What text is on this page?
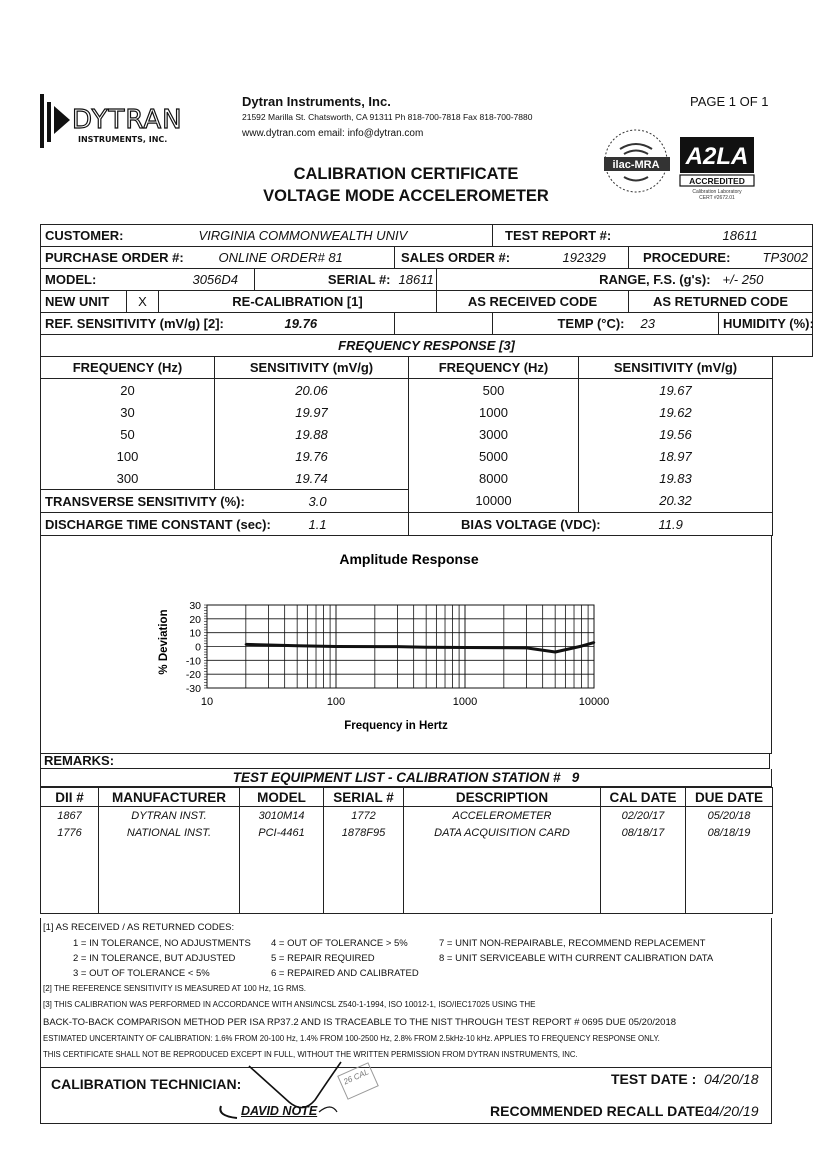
DYTRAN
INSTRUMENTS, INC.
Dytran Instruments, Inc.
21592 Marilla St. Chatsworth, CA 91311 Ph 818-700-7818 Fax 818-700-7880
www.dytran.com email: info@dytran.com
PAGE 1 OF 1
CALIBRATION CERTIFICATE
VOLTAGE MODE ACCELEROMETER
ilac-MRA A2LA
ACCREDITED
Calibration Laboratory
CERT #2672.01
CUSTOMER:		VIRGINIA COMMONWEALTH UNIV					TEST REPORT #:			18611	
PURCHASE ORDER #:			ONLINE ORDER# 81		SALES ORDER #:			192329	PROCEDURE:	TP3002	
MODEL:	3056D4			SERIAL #:	18611	RANGE, F.S. (g's):				+/- 250	
NEW UNIT	X	RE-CALIBRATION [1]				AS RECEIVED CODE			AS RETURNED CODE		
REF. SENSITIVITY (mV/g) [2]:				19.76			TEMP (°C):		23	HUMIDITY (%):	
FREQUENCY RESPONSE [3]											
FREQUENCY (Hz)	SENSITIVITY (mV/g)	FREQUENCY (Hz)	SENSITIVITY (mV/g)
20	20.06	500	19.67
30	19.97	1000	19.62
50	19.88	3000	19.56
100	19.76	5000	18.97
300	19.74	8000	19.83
TRANSVERSE SENSITIVITY (%):	3.0	10000	20.32
DISCHARGE TIME CONSTANT (sec):	1.1	BIAS VOLTAGE (VDC):	11.9
Amplitude Response
% Deviation
Frequency in Hertz
30
20
10
0
-10
-20
-30
10	100	1000	10000
REMARKS:
TEST EQUIPMENT LIST - CALIBRATION STATION # 9
DII #	MANUFACTURER	MODEL	SERIAL #	DESCRIPTION	CAL DATE	DUE DATE
1867	DYTRAN INST.	3010M14	1772	ACCELEROMETER	02/20/17	05/20/18
1776	NATIONAL INST.	PCI-4461	1878F95	DATA ACQUISITION CARD	08/18/17	08/18/19

[1] AS RECEIVED / AS RETURNED CODES:
1 = IN TOLERANCE, NO ADJUSTMENTS
2 = IN TOLERANCE, BUT ADJUSTED
3 = OUT OF TOLERANCE < 5%
4 = OUT OF TOLERANCE > 5%
5 = REPAIR REQUIRED
6 = REPAIRED AND CALIBRATED
7 = UNIT NON-REPAIRABLE, RECOMMEND REPLACEMENT
8 = UNIT SERVICEABLE WITH CURRENT CALIBRATION DATA
[2] THE REFERENCE SENSITIVITY IS MEASURED AT 100 Hz, 1G RMS.
[3] THIS CALIBRATION WAS PERFORMED IN ACCORDANCE WITH ANSI/NCSL Z540-1-1994, ISO 10012-1, ISO/IEC17025 USING THE
BACK-TO-BACK COMPARISON METHOD PER ISA RP37.2 AND IS TRACEABLE TO THE NIST THROUGH TEST REPORT # 0695 DUE 05/20/2018
ESTIMATED UNCERTAINTY OF CALIBRATION: 1.6% FROM 20-100 Hz, 1.4% FROM 100-2500 Hz, 2.8% FROM 2.5kHz-10 kHz. APPLIES TO FREQUENCY RESPONSE ONLY.
THIS CERTIFICATE SHALL NOT BE REPRODUCED EXCEPT IN FULL, WITHOUT THE WRITTEN PERMISSION FROM DYTRAN INSTRUMENTS, INC.
CALIBRATION TECHNICIAN:
DAVID NOTE
26 CAL	TEST DATE : 04/20/18
RECOMMENDED RECALL DATE :
04/20/19
